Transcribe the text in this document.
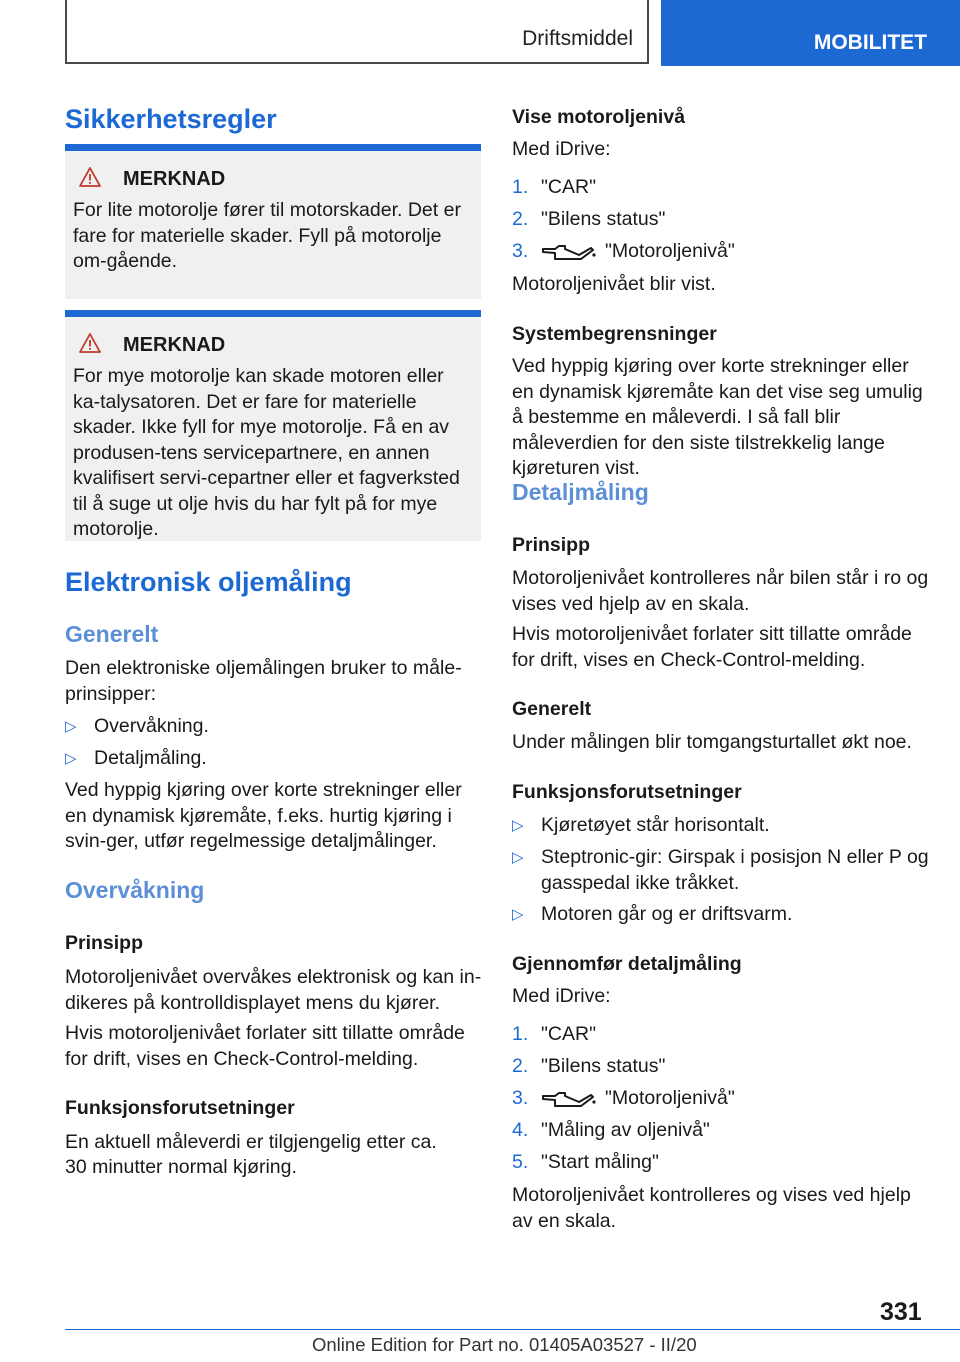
Driftsmiddel	MOBILITET
Sikkerhetsregler
MERKNAD

For lite motorolje fører til motorskader. Det er fare for materielle skader. Fyll på motorolje om-gående.

MERKNAD

For mye motorolje kan skade motoren eller ka-talysatoren. Det er fare for materielle skader. Ikke fyll for mye motorolje. Få en av produsen-tens servicepartnere, en annen kvalifisert servi-cepartner eller et fagverksted til å suge ut olje hvis du har fylt på for mye motorolje.

Elektronisk oljemåling
Generelt

Den elektroniske oljemålingen bruker to måle-prinsipper:

▷ Overvåkning.
▷ Detaljmåling.

Ved hyppig kjøring over korte strekninger eller en dynamisk kjøremåte, f.eks. hurtig kjøring i svin-ger, utfør regelmessige detaljmålinger.

Overvåkning
Prinsipp

Motoroljenivået overvåkes elektronisk og kan in-dikeres på kontrolldisplayet mens du kjører.

Hvis motoroljenivået forlater sitt tillatte område for drift, vises en Check-Control-melding.

Funksjonsforutsetninger

En aktuell måleverdi er tilgjengelig etter ca.

30 minutter normal kjøring.

Vise motoroljenivå

Med iDrive:

1. "CAR"
2. "Bilens status"
3.	"Motoroljenivå"

Motoroljenivået blir vist.

Systembegrensninger

Ved hyppig kjøring over korte strekninger eller en dynamisk kjøremåte kan det vise seg umulig å bestemme en måleverdi. I så fall blir måleverdien for den siste tilstrekkelig lange kjøreturen vist.

Detaljmåling
Prinsipp

Motoroljenivået kontrolleres når bilen står i ro og vises ved hjelp av en skala.

Hvis motoroljenivået forlater sitt tillatte område for drift, vises en Check-Control-melding.

Generelt

Under målingen blir tomgangsturtallet økt noe.

Funksjonsforutsetninger
▷ Kjøretøyet står horisontalt.
▷ Steptronic-gir: Girspak i posisjon N eller P og gasspedal ikke tråkket.
▷ Motoren går og er driftsvarm.
Gjennomfør detaljmåling

Med iDrive:

1. "CAR"
2. "Bilens status"
3.	"Motoroljenivå"
4. "Måling av oljenivå"
5. "Start måling"

Motoroljenivået kontrolleres og vises ved hjelp av en skala.

331
Online Edition for Part no. 01405A03527 - II/20
